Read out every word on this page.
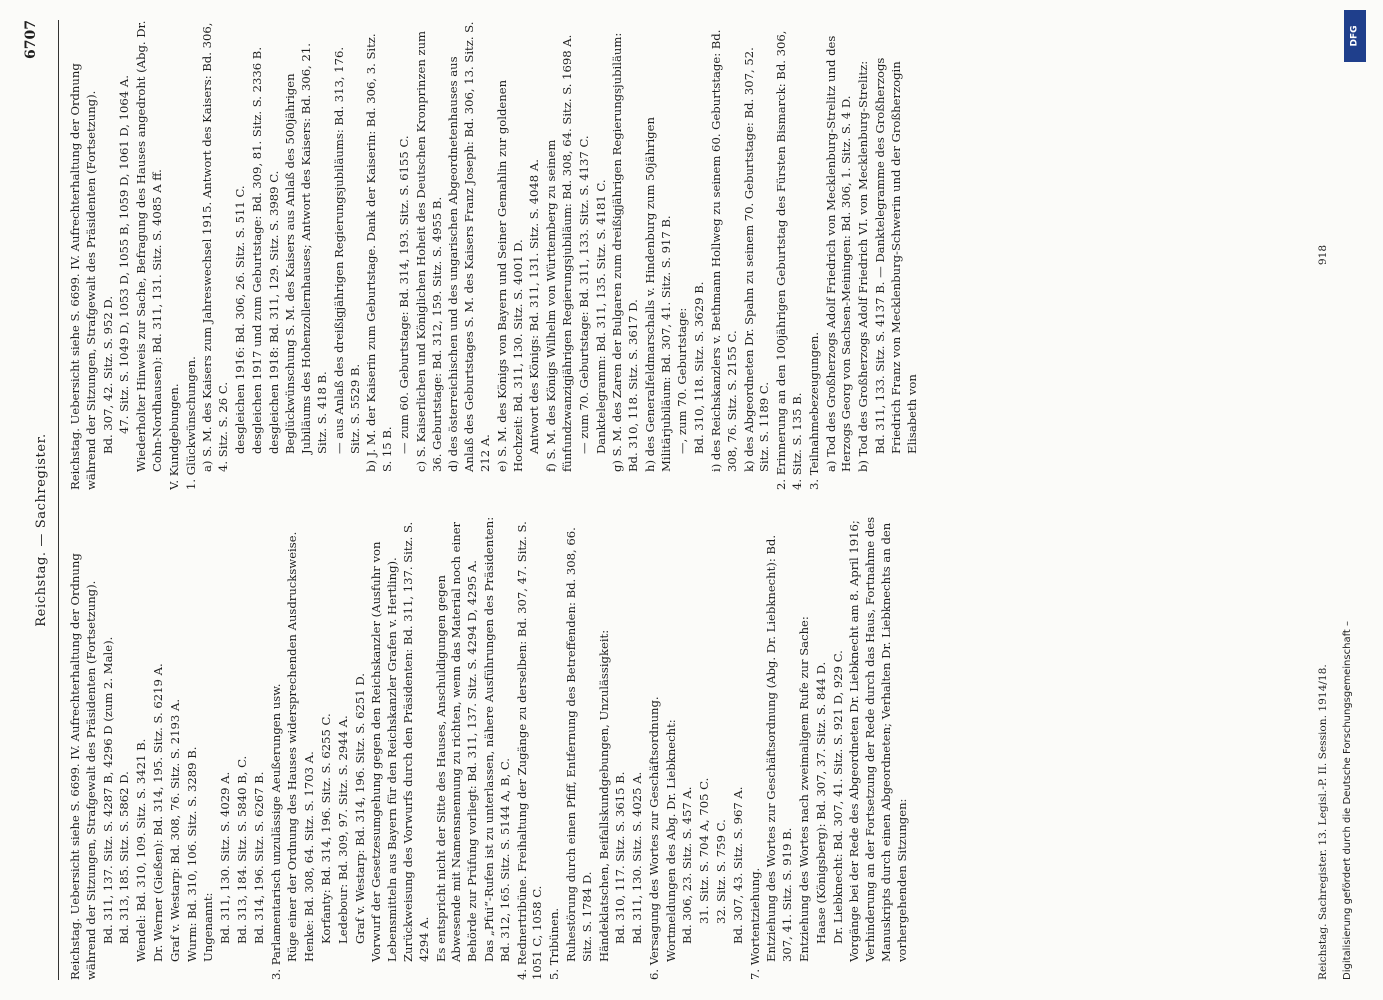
Reichstag. — Sachregister.
6707

Reichstag. Uebersicht siehe S. 6699. IV. Aufrechterhaltung der Ordnung während der Sitzungen, Strafgewalt des Präsidenten (Fortsetzung). Bd. 311, 137. Sitz. S. 4287 B, 4296 D (zum 2. Male). Bd. 313, 185. Sitz. S. 5862 D. Wendel: Bd. 310, 109. Sitz. S. 3421 B. Dr. Werner (Gießen): Bd. 314, 195. Sitz. S. 6219 A. Graf v. Westarp: Bd. 308, 76. Sitz. S. 2193 A. Wurm: Bd. 310, 106. Sitz. S. 3289 B. Ungenannt: Bd. 311, 130. Sitz. S. 4029 A. Bd. 313, 184. Sitz. S. 5840 B, C. Bd. 314, 196. Sitz. S. 6267 B. 3. Parlamentarisch unzulässige Aeußerungen usw. Rüge einer der Ordnung des Hauses widersprechenden Ausdrucksweise. Henke: Bd. 308, 64. Sitz. S. 1703 A. Korfanty: Bd. 314, 196. Sitz. S. 6255 C. Ledebour: Bd. 309, 97. Sitz. S. 2944 A. Graf v. Westarp: Bd. 314, 196. Sitz. S. 6251 D. Vorwurf der Gesetzesumgehung gegen den Reichskanzler (Ausfuhr von Lebensmitteln aus Bayern für den Reichskanzler Grafen v. Hertling). Zurückweisung des Vorwurfs durch den Präsidenten: Bd. 311, 137. Sitz. S. 4294 A. Es entspricht nicht der Sitte des Hauses, Anschuldigungen gegen Abwesende mit Namensnennung zu richten, wenn das Material noch einer Behörde zur Prüfung vorliegt: Bd. 311, 137. Sitz. S. 4294 D, 4295 A. Das „Pfui“-Rufen ist zu unterlassen, nähere Ausführungen des Präsidenten: Bd. 312, 165. Sitz. S. 5144 A, B, C. 4. Rednertribüne. Freihaltung der Zugänge zu derselben: Bd. 307, 47. Sitz. S. 1051 C, 1058 C. 5. Tribünen. Ruhestörung durch einen Pfiff, Entfernung des Betreffenden: Bd. 308, 66. Sitz. S. 1784 D. Händeklatschen, Beifallskundgebungen, Unzulässigkeit: Bd. 310, 117. Sitz. S. 3615 B. Bd. 311, 130. Sitz. S. 4025 A. 6. Versagung des Wortes zur Geschäftsordnung. Wortmeldungen des Abg. Dr. Liebknecht: Bd. 306, 23. Sitz. S. 457 A. 31. Sitz. S. 704 A, 705 C. 32. Sitz. S. 759 C. Bd. 307, 43. Sitz. S. 967 A. 7. Wortentziehung. Entziehung des Wortes zur Geschäftsordnung (Abg. Dr. Liebknecht): Bd. 307, 41. Sitz. S. 919 B. Entziehung des Wortes nach zweimaligem Rufe zur Sache: Haase (Königsberg): Bd. 307, 37. Sitz. S. 844 D. Dr. Liebknecht: Bd. 307, 41. Sitz. S. 921 D, 929 C. Vorgänge bei der Rede des Abgeordneten Dr. Liebknecht am 8. April 1916; Verhinderung an der Fortsetzung der Rede durch das Haus, Fortnahme des Manuskripts durch einen Abgeordneten; Verhalten Dr. Liebknechts an den vorhergehenden Sitzungen:

Reichstag. Uebersicht siehe S. 6699. IV. Aufrechterhaltung der Ordnung während der Sitzungen, Strafgewalt des Präsidenten (Fortsetzung). Bd. 307, 42. Sitz. S. 952 D. 47. Sitz. S. 1049 D, 1053 D, 1055 B, 1059 D, 1061 D, 1064 A. Wiederholter Hinweis zur Sache, Befragung des Hauses angedroht (Abg. Dr. Cohn-Nordhausen): Bd. 311, 131. Sitz. S. 4085 A ff. V. Kundgebungen. 1. Glückwünschungen. a) S. M. des Kaisers zum Jahreswechsel 1915. Antwort des Kaisers: Bd. 306, 4. Sitz. S. 26 C. desgleichen 1916: Bd. 306, 26. Sitz. S. 511 C. desgleichen 1917 und zum Geburtstage: Bd. 309, 81. Sitz. S. 2336 B. desgleichen 1918: Bd. 311, 129. Sitz. S. 3989 C. Beglückwünschung S. M. des Kaisers aus Anlaß des 500jährigen Jubiläums des Hohenzollernhauses; Antwort des Kaisers: Bd. 306, 21. Sitz. S. 418 B. — aus Anlaß des dreißigjährigen Regierungsjubiläums: Bd. 313, 176. Sitz. S. 5529 B. b) J. M. der Kaiserin zum Geburtstage. Dank der Kaiserin: Bd. 306, 3. Sitz. S. 15 B. — zum 60. Geburtstage: Bd. 314, 193. Sitz. S. 6155 C. c) S. Kaiserlichen und Königlichen Hoheit des Deutschen Kronprinzen zum 36. Geburtstage: Bd. 312, 159. Sitz. S. 4955 B. d) des österreichischen und des ungarischen Abgeordnetenhauses aus Anlaß des Geburtstages S. M. des Kaisers Franz Joseph: Bd. 306, 13. Sitz. S. 212 A. e) S. M. des Königs von Bayern und Seiner Gemahlin zur goldenen Hochzeit: Bd. 311, 130. Sitz. S. 4001 D. Antwort des Königs: Bd. 311, 131. Sitz. S. 4048 A. f) S. M. des Königs Wilhelm von Württemberg zu seinem fünfundzwanzigjährigen Regierungsjubiläum: Bd. 308, 64. Sitz. S. 1698 A. — zum 70. Geburtstage: Bd. 311, 133. Sitz. S. 4137 C. Danktelegramm: Bd. 311, 135. Sitz. S. 4181 C. g) S. M. des Zaren der Bulgaren zum dreißigjährigen Regierungsjubiläum: Bd. 310, 118. Sitz. S. 3617 D. h) des Generalfeldmarschalls v. Hindenburg zum 50jährigen Militärjubiläum: Bd. 307, 41. Sitz. S. 917 B. —, zum 70. Geburtstage: Bd. 310, 118. Sitz. S. 3629 B. i) des Reichskanzlers v. Bethmann Hollweg zu seinem 60. Geburtstage: Bd. 308, 76. Sitz. S. 2155 C. k) des Abgeordneten Dr. Spahn zu seinem 70. Geburtstage: Bd. 307, 52. Sitz. S. 1189 C. 2. Erinnerung an den 100jährigen Geburtstag des Fürsten Bismarck: Bd. 306, 4. Sitz. S. 135 B. 3. Teilnahmebezeugungen. a) Tod des Großherzogs Adolf Friedrich von Mecklenburg-Strelitz und des Herzogs Georg von Sachsen-Meiningen: Bd. 306, 1. Sitz. S. 4 D. b) Tod des Großherzogs Adolf Friedrich VI. von Mecklenburg-Strelitz: Bd. 311, 133. Sitz. S. 4137 B. — Danktelegramme des Großherzogs Friedrich Franz von Mecklenburg-Schwerin und der Großherzogin Elisabeth von

Reichstag. Sachregister. 13. Legisl.-P. II. Session. 1914/18.
918
Digitalisierung gefördert durch die Deutsche Forschungsgemeinschaft –
DFG
